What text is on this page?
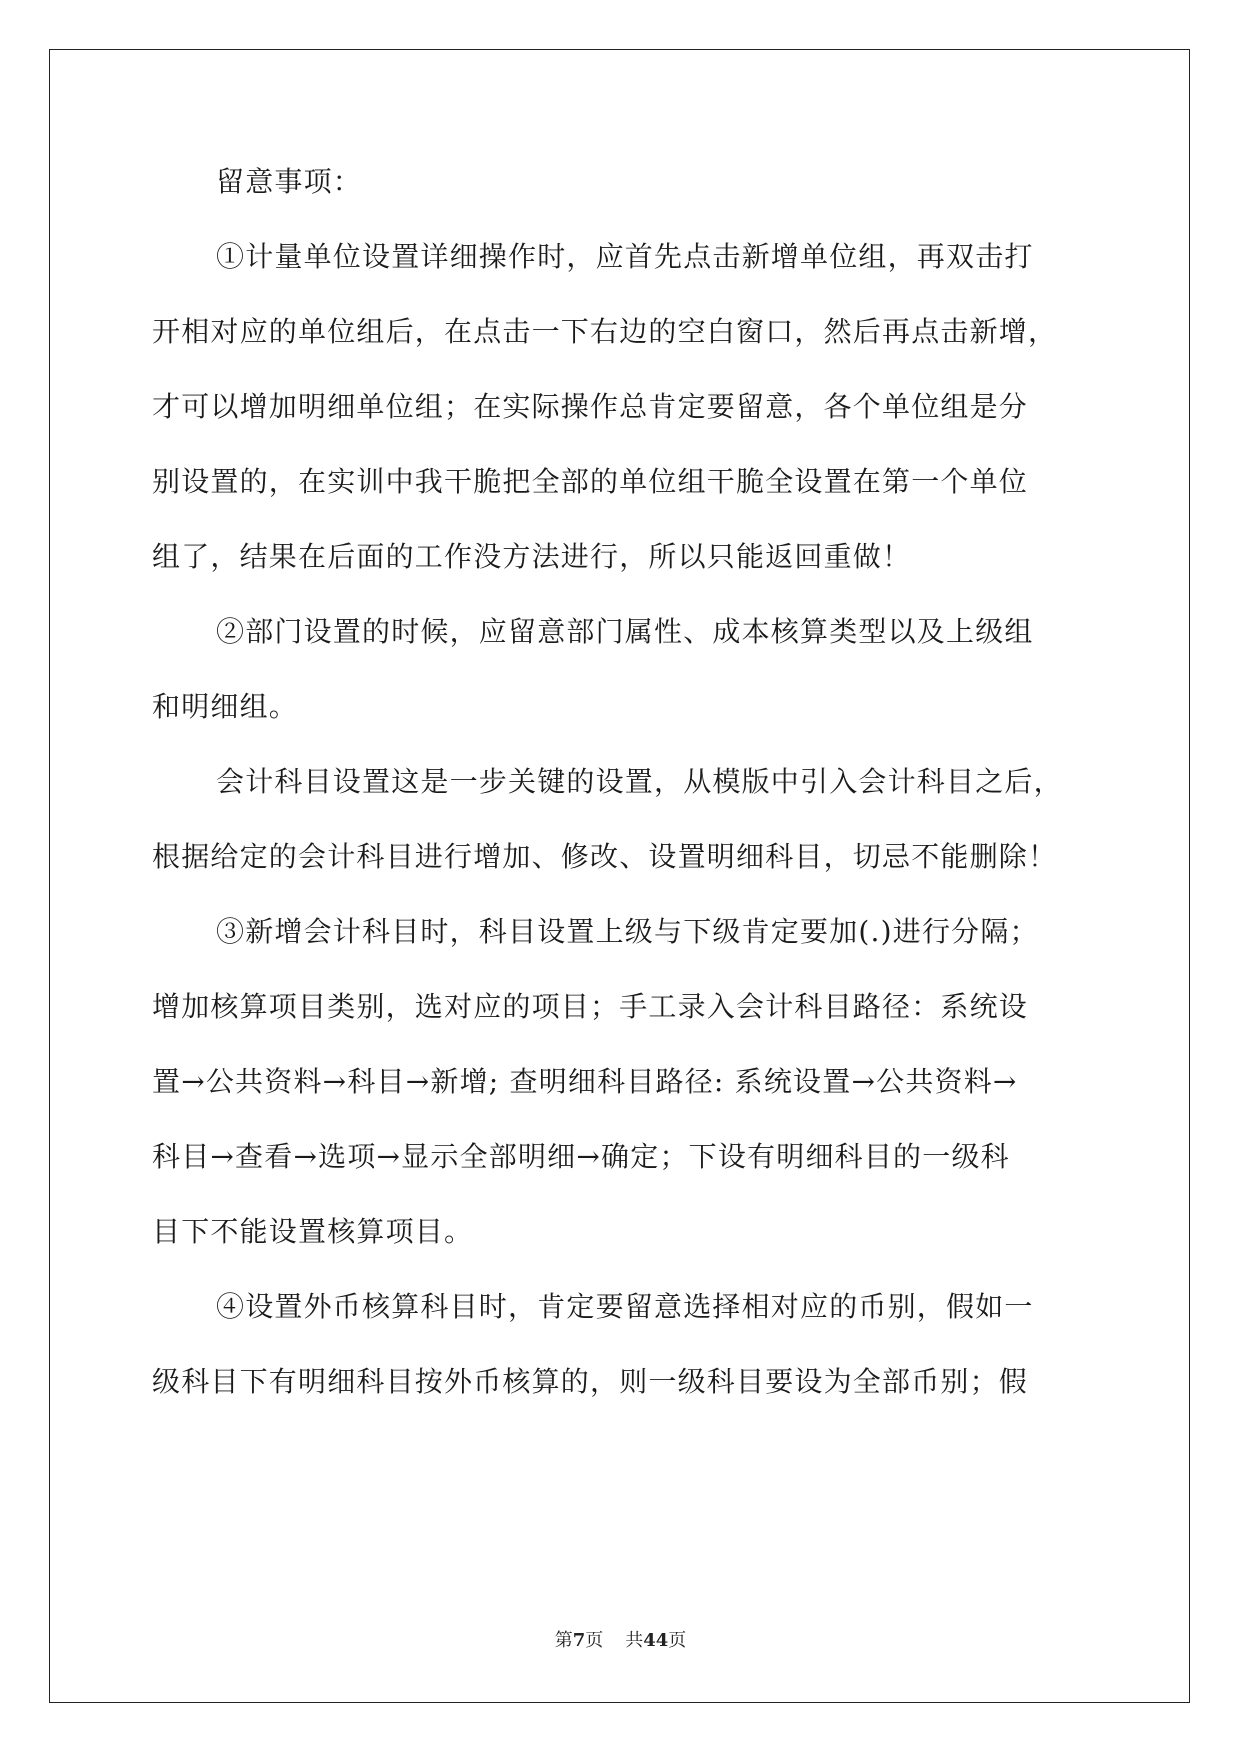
留意事项：
①计量单位设置详细操作时，应首先点击新增单位组，再双击打
开相对应的单位组后，在点击一下右边的空白窗口，然后再点击新增，
才可以增加明细单位组；在实际操作总肯定要留意，各个单位组是分
别设置的，在实训中我干脆把全部的单位组干脆全设置在第一个单位
组了，结果在后面的工作没方法进行，所以只能返回重做！
②部门设置的时候，应留意部门属性、成本核算类型以及上级组
和明细组。
会计科目设置这是一步关键的设置，从模版中引入会计科目之后，
根据给定的会计科目进行增加、修改、设置明细科目，切忌不能删除！
③新增会计科目时，科目设置上级与下级肯定要加(.)进行分隔；
增加核算项目类别，选对应的项目；手工录入会计科目路径：系统设
置→公共资料→科目→新增; 查明细科目路径: 系统设置→公共资料→
科目→查看→选项→显示全部明细→确定；下设有明细科目的一级科
目下不能设置核算项目。
④设置外币核算科目时，肯定要留意选择相对应的币别，假如一
级科目下有明细科目按外币核算的，则一级科目要设为全部币别；假
第7页 共44页
